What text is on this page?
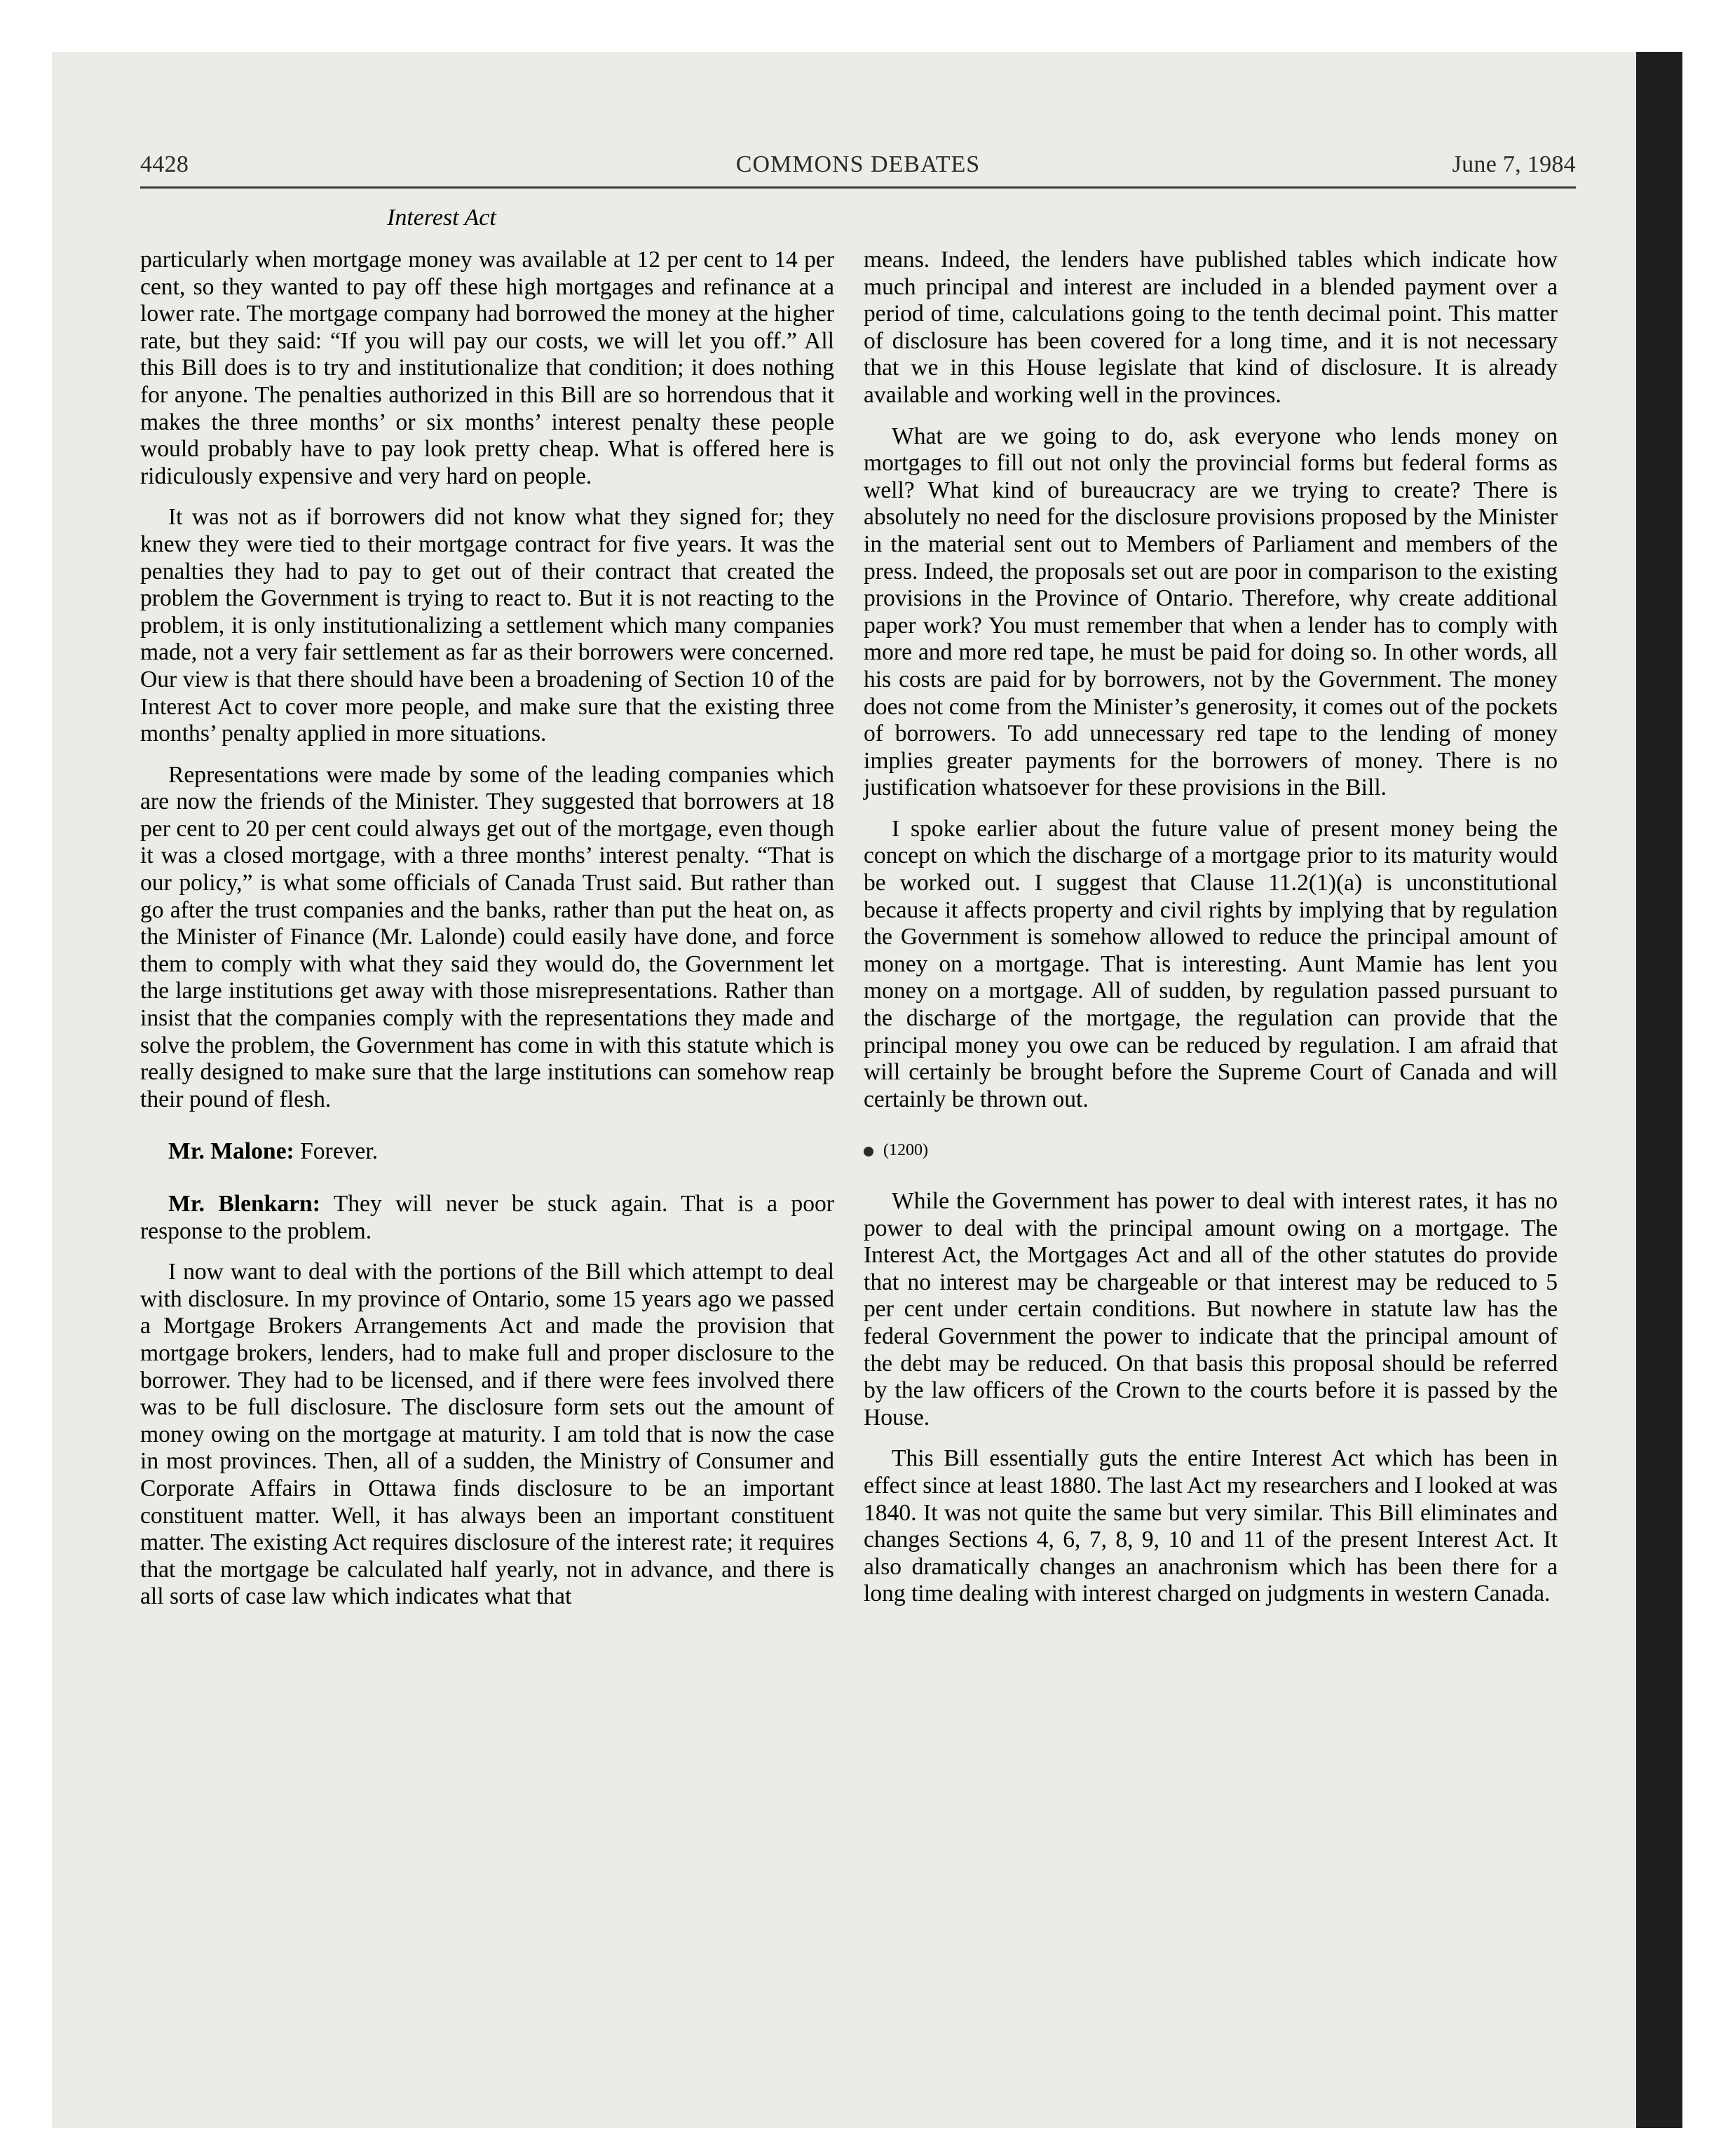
4428	COMMONS DEBATES	June 7, 1984
Interest Act

particularly when mortgage money was available at 12 per cent to 14 per cent, so they wanted to pay off these high mortgages and refinance at a lower rate. The mortgage company had borrowed the money at the higher rate, but they said: “If you will pay our costs, we will let you off.” All this Bill does is to try and institutionalize that condition; it does nothing for anyone. The penalties authorized in this Bill are so horrendous that it makes the three months’ or six months’ interest penalty these people would probably have to pay look pretty cheap. What is offered here is ridiculously expensive and very hard on people.

It was not as if borrowers did not know what they signed for; they knew they were tied to their mortgage contract for five years. It was the penalties they had to pay to get out of their contract that created the problem the Government is trying to react to. But it is not reacting to the problem, it is only institutionalizing a settlement which many companies made, not a very fair settlement as far as their borrowers were concerned. Our view is that there should have been a broadening of Section 10 of the Interest Act to cover more people, and make sure that the existing three months’ penalty applied in more situations.

Representations were made by some of the leading companies which are now the friends of the Minister. They suggested that borrowers at 18 per cent to 20 per cent could always get out of the mortgage, even though it was a closed mortgage, with a three months’ interest penalty. “That is our policy,” is what some officials of Canada Trust said. But rather than go after the trust companies and the banks, rather than put the heat on, as the Minister of Finance (Mr. Lalonde) could easily have done, and force them to comply with what they said they would do, the Government let the large institutions get away with those misrepresentations. Rather than insist that the companies comply with the representations they made and solve the problem, the Government has come in with this statute which is really designed to make sure that the large institutions can somehow reap their pound of flesh.

Mr. Malone: Forever.

Mr. Blenkarn: They will never be stuck again. That is a poor response to the problem.

I now want to deal with the portions of the Bill which attempt to deal with disclosure. In my province of Ontario, some 15 years ago we passed a Mortgage Brokers Arrangements Act and made the provision that mortgage brokers, lenders, had to make full and proper disclosure to the borrower. They had to be licensed, and if there were fees involved there was to be full disclosure. The disclosure form sets out the amount of money owing on the mortgage at maturity. I am told that is now the case in most provinces. Then, all of a sudden, the Ministry of Consumer and Corporate Affairs in Ottawa finds disclosure to be an important constituent matter. Well, it has always been an important constituent matter. The existing Act requires disclosure of the interest rate; it requires that the mortgage be calculated half yearly, not in advance, and there is all sorts of case law which indicates what that

means. Indeed, the lenders have published tables which indicate how much principal and interest are included in a blended payment over a period of time, calculations going to the tenth decimal point. This matter of disclosure has been covered for a long time, and it is not necessary that we in this House legislate that kind of disclosure. It is already available and working well in the provinces.

What are we going to do, ask everyone who lends money on mortgages to fill out not only the provincial forms but federal forms as well? What kind of bureaucracy are we trying to create? There is absolutely no need for the disclosure provisions proposed by the Minister in the material sent out to Members of Parliament and members of the press. Indeed, the proposals set out are poor in comparison to the existing provisions in the Province of Ontario. Therefore, why create additional paper work? You must remember that when a lender has to comply with more and more red tape, he must be paid for doing so. In other words, all his costs are paid for by borrowers, not by the Government. The money does not come from the Minister’s generosity, it comes out of the pockets of borrowers. To add unnecessary red tape to the lending of money implies greater payments for the borrowers of money. There is no justification whatsoever for these provisions in the Bill.

I spoke earlier about the future value of present money being the concept on which the discharge of a mortgage prior to its maturity would be worked out. I suggest that Clause 11.2(1)(a) is unconstitutional because it affects property and civil rights by implying that by regulation the Government is somehow allowed to reduce the principal amount of money on a mortgage. That is interesting. Aunt Mamie has lent you money on a mortgage. All of sudden, by regulation passed pursuant to the discharge of the mortgage, the regulation can provide that the principal money you owe can be reduced by regulation. I am afraid that will certainly be brought before the Supreme Court of Canada and will certainly be thrown out.

(1200)

While the Government has power to deal with interest rates, it has no power to deal with the principal amount owing on a mortgage. The Interest Act, the Mortgages Act and all of the other statutes do provide that no interest may be chargeable or that interest may be reduced to 5 per cent under certain conditions. But nowhere in statute law has the federal Government the power to indicate that the principal amount of the debt may be reduced. On that basis this proposal should be referred by the law officers of the Crown to the courts before it is passed by the House.

This Bill essentially guts the entire Interest Act which has been in effect since at least 1880. The last Act my researchers and I looked at was 1840. It was not quite the same but very similar. This Bill eliminates and changes Sections 4, 6, 7, 8, 9, 10 and 11 of the present Interest Act. It also dramatically changes an anachronism which has been there for a long time dealing with interest charged on judgments in western Canada.
